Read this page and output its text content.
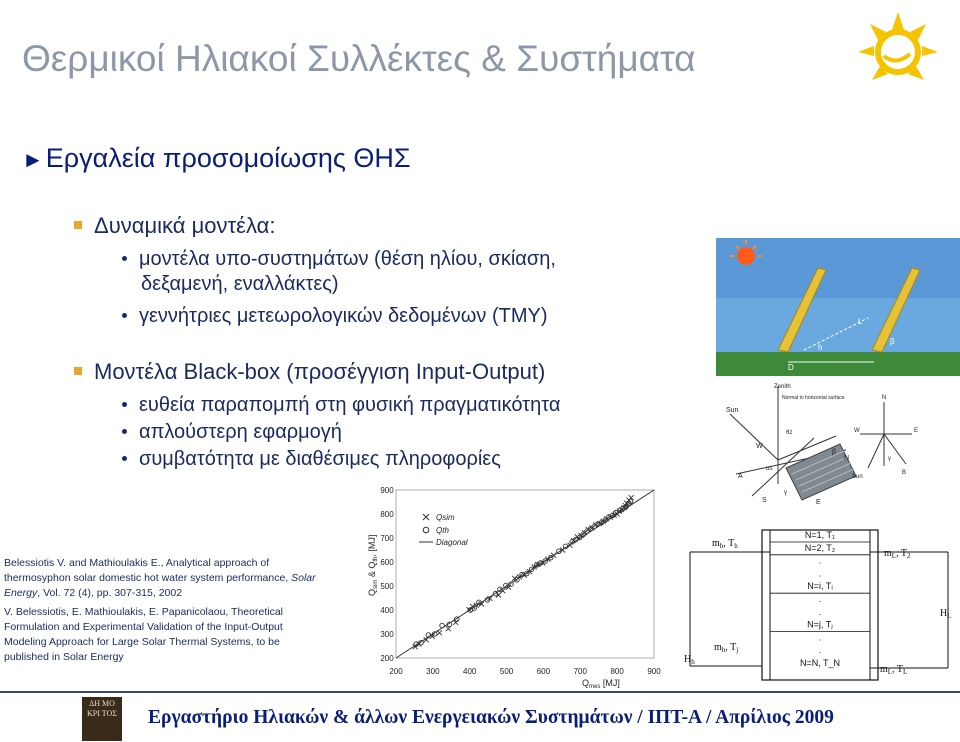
Θερμικοί Ηλιακοί Συλλέκτες & Συστήματα
►Εργαλεία προσομοίωσης ΘΗΣ
Δυναμικά μοντέλα:
μοντέλα υπο-συστημάτων (θέση ηλίου, σκίαση,
δεξαμενή, εναλλάκτες)
γεννήτριες μετεωρολογικών δεδομένων (TMY)
Μοντέλα Black-box (προσέγγιση Input-Output)
ευθεία παραπομπή στη φυσική πραγματικότητα
απλούστερη εφαρμογή
συμβατότητα με διαθέσιμες πληροφορίες
Belessiotis V. and Mathioulakis E., Analytical approach of thermosyphon solar domestic hot water system performance, Solar Energy, Vol. 72 (4), pp. 307-315, 2002
V. Belessiotis, E. Mathioulakis, E. Papanicolaou, Theoretical Formulation and Experimental Validation of the Input-Output Modeling Approach for Large Solar Thermal Systems, to be published in Solar Energy
L
h
β
D
Sun
Zenith
Normal to horizontal surface
W
A
S	E
αs
γ
θz
β
N
N
W	E
B
Sun
γ
200	300	400	500	600	700	800	900
200
300
400
500
600
700
800
900
Qsim
Qth
Diagonal
$Q_{mes}$ [MJ]
$Q_{sim}$ & $Q_{th}$, [MJ]	N=1, T₁
N=2, T₂
.
.
N=i, Tᵢ
.
.
N=j, Tⱼ
.
.
N=N, T_N
$m_h$, $T_h$
$m_h$, $T_j$
$H_h$
$m_L$, $T_2$
$m_L$, $T_L$
$H_L$
ΔΗ ΜΟ ΚΡΙ ΤΟΣ Εργαστήριο Ηλιακών & άλλων Ενεργειακών Συστημάτων / ΙΠΤ-Α / Απρίλιος 2009
